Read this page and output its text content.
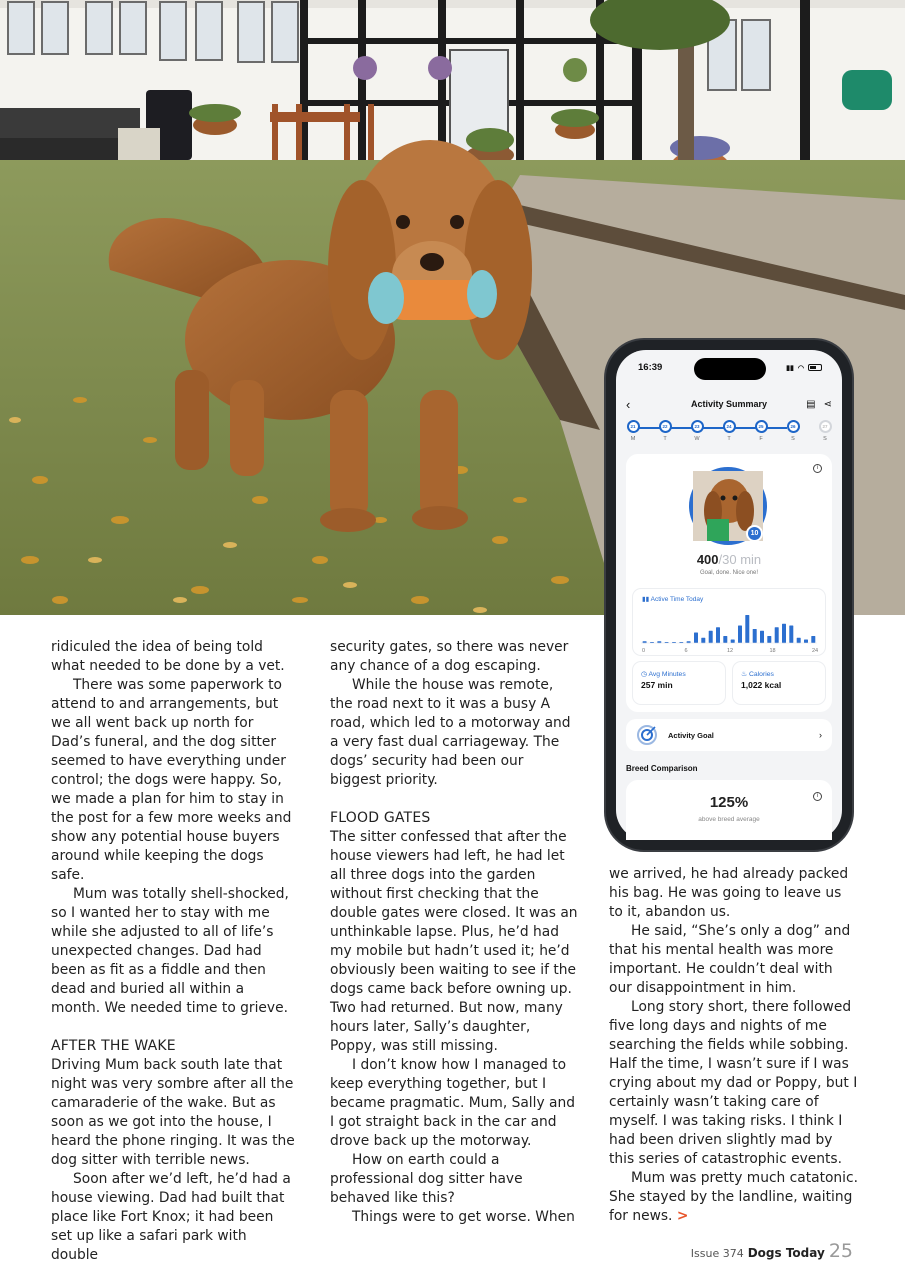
ridiculed the idea of being told what needed to be done by a vet.

There was some paperwork to attend to and arrangements, but we all went back up north for Dad’s funeral, and the dog sitter seemed to have everything under control; the dogs were happy. So, we made a plan for him to stay in the post for a few more weeks and show any potential house buyers around while keeping the dogs safe.

Mum was totally shell-shocked, so I wanted her to stay with me while she adjusted to all of life’s unexpected changes. Dad had been as fit as a fiddle and then dead and buried all within a month. We needed time to grieve.

AFTER THE WAKE

Driving Mum back south late that night was very sombre after all the camaraderie of the wake. But as soon as we got into the house, I heard the phone ringing. It was the dog sitter with terrible news.

Soon after we’d left, he’d had a house viewing. Dad had built that place like Fort Knox; it had been set up like a safari park with double

security gates, so there was never any chance of a dog escaping.

While the house was remote, the road next to it was a busy A road, which led to a motorway and a very fast dual carriageway. The dogs’ security had been our biggest priority.

FLOOD GATES

The sitter confessed that after the house viewers had left, he had let all three dogs into the garden without first checking that the double gates were closed. It was an unthinkable lapse. Plus, he’d had my mobile but hadn’t used it; he’d obviously been waiting to see if the dogs came back before owning up. Two had returned. But now, many hours later, Sally’s daughter, Poppy, was still missing.

I don’t know how I managed to keep everything together, but I became pragmatic. Mum, Sally and I got straight back in the car and drove back up the motorway.

How on earth could a professional dog sitter have behaved like this?

Things were to get worse. When

we arrived, he had already packed his bag. He was going to leave us to it, abandon us.

He said, “She’s only a dog” and that his mental health was more important. He couldn’t deal with our disappointment in him.

Long story short, there followed five long days and nights of me searching the fields while sobbing. Half the time, I wasn’t sure if I was crying about my dad or Poppy, but I certainly wasn’t taking care of myself. I was taking risks. I think I had been driven slightly mad by this series of catastrophic events.

Mum was pretty much catatonic. She stayed by the landline, waiting for news. >

Issue 374 Dogs Today 25
16:39	▮▮ ◠
‹	Activity Summary	▤ ⋖
21
M
22
T
23
W
24
T
25
F
26
S
27
S
i
10
400/30 min
Goal, done. Nice one!
▮▮ Active Time Today
0	6	12	18	24
◷ Avg Minutes
257 min
♨ Calories
1,022 kcal
Activity Goal	›
Breed Comparison
i
125%
above breed average
